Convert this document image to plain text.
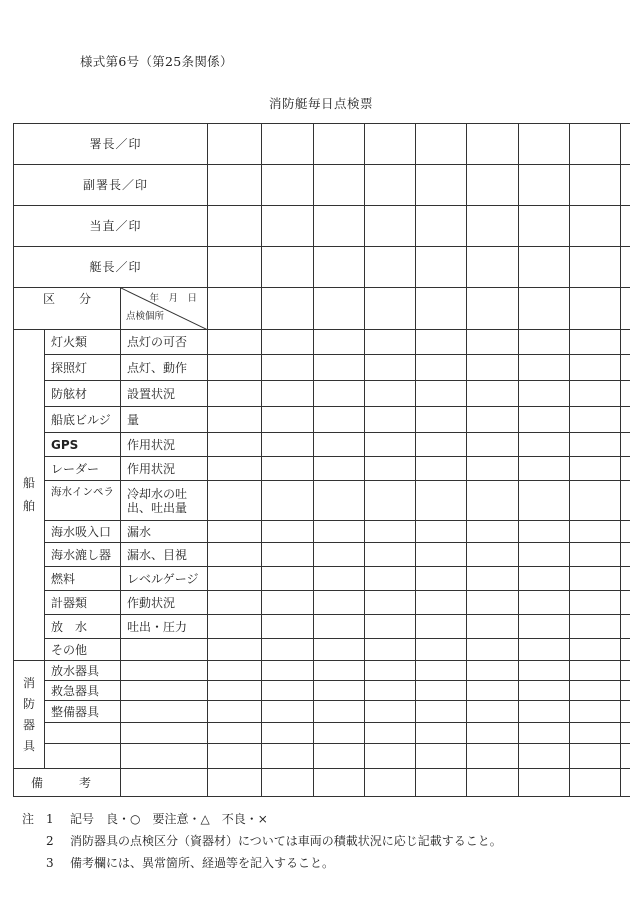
様式第6号（第25条関係）
消防艇毎日点検票
署長／印											
副署長／印											
当直／印											
艇長／印											
区　　分		年　月　日
点検個所									

船
舶	灯火類	点灯の可否									
	探照灯	点灯、動作									
	防舷材	設置状況									
	船底ビルジ	量									
	GPS	作用状況									
	レーダー	作用状況									
	海水インペラ	冷却水の吐出、吐出量									
	海水吸入口	漏水									
	海水漉し器	漏水、目視									
	燃料	レベルゲージ									
	計器類	作動状況									
	放　水	吐出・圧力									
	その他										

消
防
器
具	放水器具										
	救急器具										
	整備器具										

備　考											
注 1 記号　良・○　要注意・△　不良・×
2 消防器具の点検区分（資器材）については車両の積載状況に応じ記載すること。
3 備考欄には、異常箇所、経過等を記入すること。
